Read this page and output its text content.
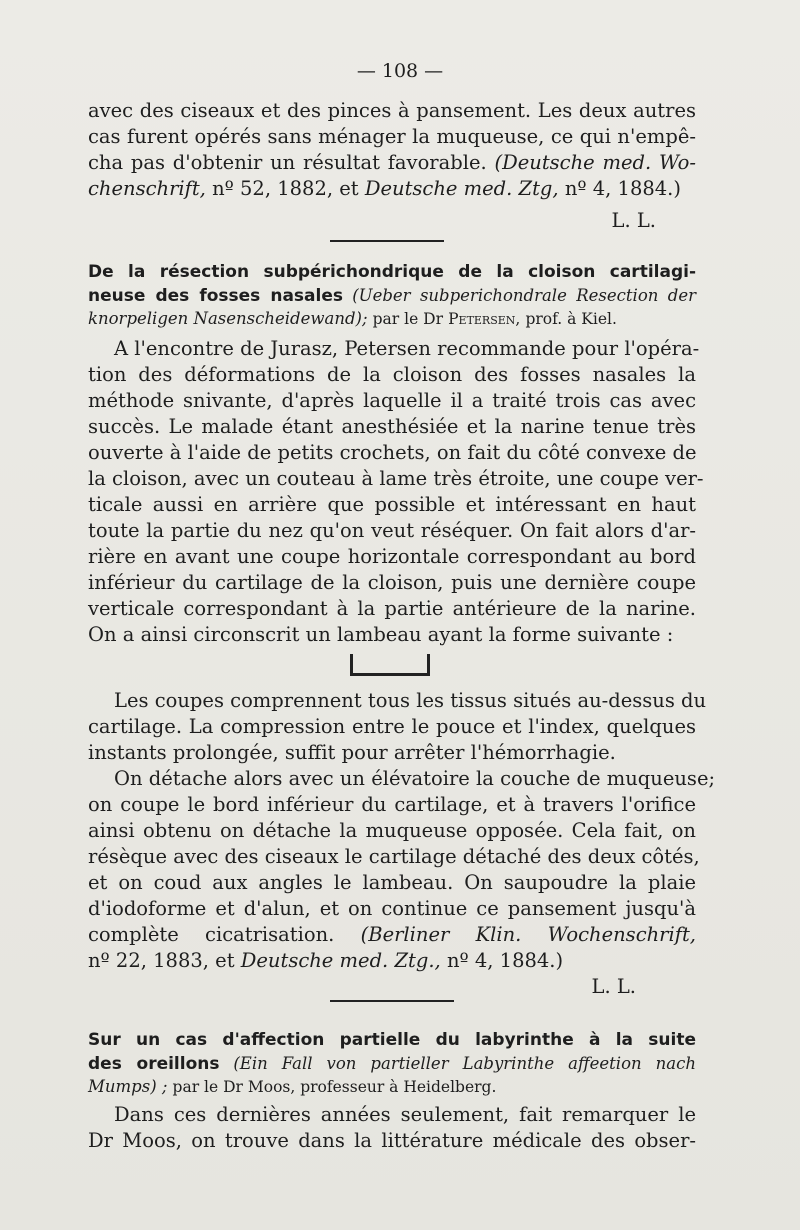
— 108 —
avec des ciseaux et des pinces à pansement. Les deux autres
cas furent opérés sans ménager la muqueuse, ce qui n'empê-
cha pas d'obtenir un résultat favorable. (Deutsche med. Wo-
chenschrift, nº 52, 1882, et Deutsche med. Ztg, nº 4, 1884.)
L. L.
De la résection subpérichondrique de la cloison cartilagi-
neuse des fosses nasales (Ueber subperichondrale Resection der
knorpeligen Nasenscheidewand); par le Dr Petersen, prof. à Kiel.
A l'encontre de Jurasz, Petersen recommande pour l'opéra-
tion des déformations de la cloison des fosses nasales la
méthode snivante, d'après laquelle il a traité trois cas avec
succès. Le malade étant anesthésiée et la narine tenue très
ouverte à l'aide de petits crochets, on fait du côté convexe de
la cloison, avec un couteau à lame très étroite, une coupe ver-
ticale aussi en arrière que possible et intéressant en haut
toute la partie du nez qu'on veut réséquer. On fait alors d'ar-
rière en avant une coupe horizontale correspondant au bord
inférieur du cartilage de la cloison, puis une dernière coupe
verticale correspondant à la partie antérieure de la narine.
On a ainsi circonscrit un lambeau ayant la forme suivante :
Les coupes comprennent tous les tissus situés au-dessus du
cartilage. La compression entre le pouce et l'index, quelques
instants prolongée, suffit pour arrêter l'hémorrhagie.
On détache alors avec un élévatoire la couche de muqueuse;
on coupe le bord inférieur du cartilage, et à travers l'orifice
ainsi obtenu on détache la muqueuse opposée. Cela fait, on
résèque avec des ciseaux le cartilage détaché des deux côtés,
et on coud aux angles le lambeau. On saupoudre la plaie
d'iodoforme et d'alun, et on continue ce pansement jusqu'à
complète cicatrisation. (Berliner Klin. Wochenschrift,
nº 22, 1883, et Deutsche med. Ztg., nº 4, 1884.)
L. L.
Sur un cas d'affection partielle du labyrinthe à la suite
des oreillons (Ein Fall von partieller Labyrinthe affeetion nach
Mumps) ; par le Dr Moos, professeur à Heidelberg.
Dans ces dernières années seulement, fait remarquer le
Dr Moos, on trouve dans la littérature médicale des obser-
